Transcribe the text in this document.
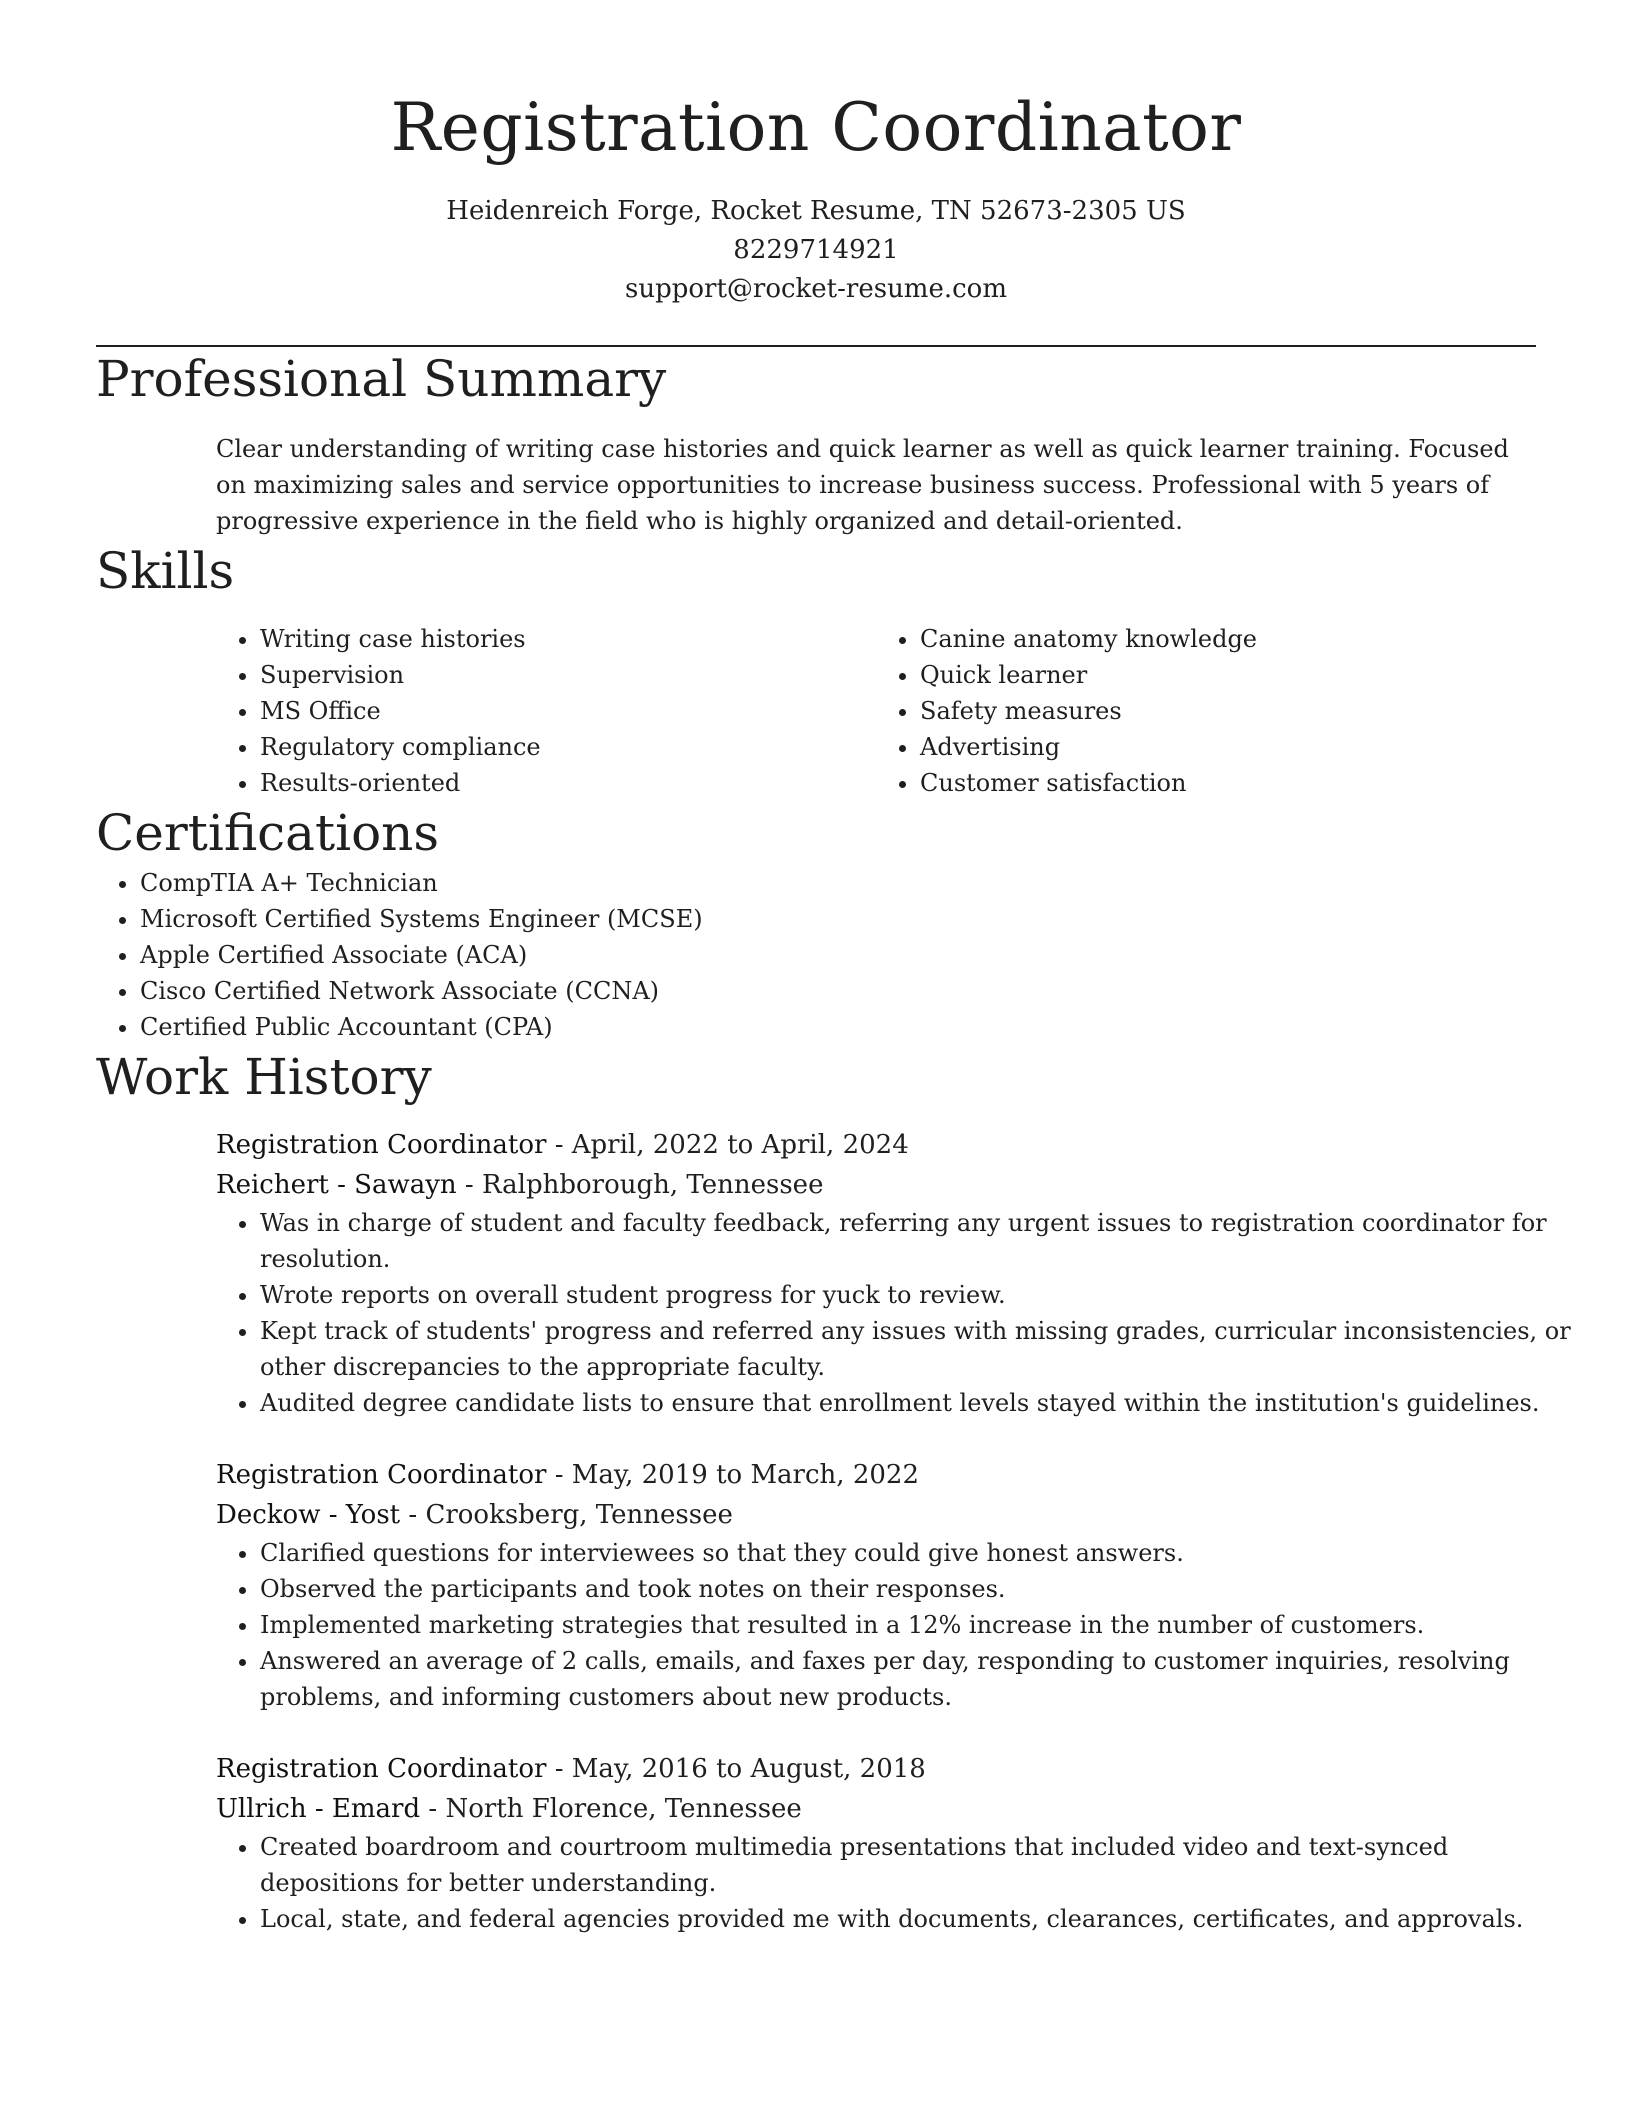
Registration Coordinator
Heidenreich Forge, Rocket Resume, TN 52673-2305 US
8229714921
support@rocket-resume.com
Professional Summary

Clear understanding of writing case histories and quick learner as well as quick learner training. Focused on maximizing sales and service opportunities to increase business success. Professional with 5 years of progressive experience in the field who is highly organized and detail-oriented.

Skills
• Writing case histories
• Supervision
• MS Office
• Regulatory compliance
• Results-oriented
• Canine anatomy knowledge
• Quick learner
• Safety measures
• Advertising
• Customer satisfaction
Certifications
• CompTIA A+ Technician
• Microsoft Certified Systems Engineer (MCSE)
• Apple Certified Associate (ACA)
• Cisco Certified Network Associate (CCNA)
• Certified Public Accountant (CPA)
Work History
Registration Coordinator - April, 2022 to April, 2024
Reichert - Sawayn - Ralphborough, Tennessee
• Was in charge of student and faculty feedback, referring any urgent issues to registration coordinator for resolution.
• Wrote reports on overall student progress for yuck to review.
• Kept track of students' progress and referred any issues with missing grades, curricular inconsistencies, or other discrepancies to the appropriate faculty.
• Audited degree candidate lists to ensure that enrollment levels stayed within the institution's guidelines.
Registration Coordinator - May, 2019 to March, 2022
Deckow - Yost - Crooksberg, Tennessee
• Clarified questions for interviewees so that they could give honest answers.
• Observed the participants and took notes on their responses.
• Implemented marketing strategies that resulted in a 12% increase in the number of customers.
• Answered an average of 2 calls, emails, and faxes per day, responding to customer inquiries, resolving problems, and informing customers about new products.
Registration Coordinator - May, 2016 to August, 2018
Ullrich - Emard - North Florence, Tennessee
• Created boardroom and courtroom multimedia presentations that included video and text-synced depositions for better understanding.
• Local, state, and federal agencies provided me with documents, clearances, certificates, and approvals.
